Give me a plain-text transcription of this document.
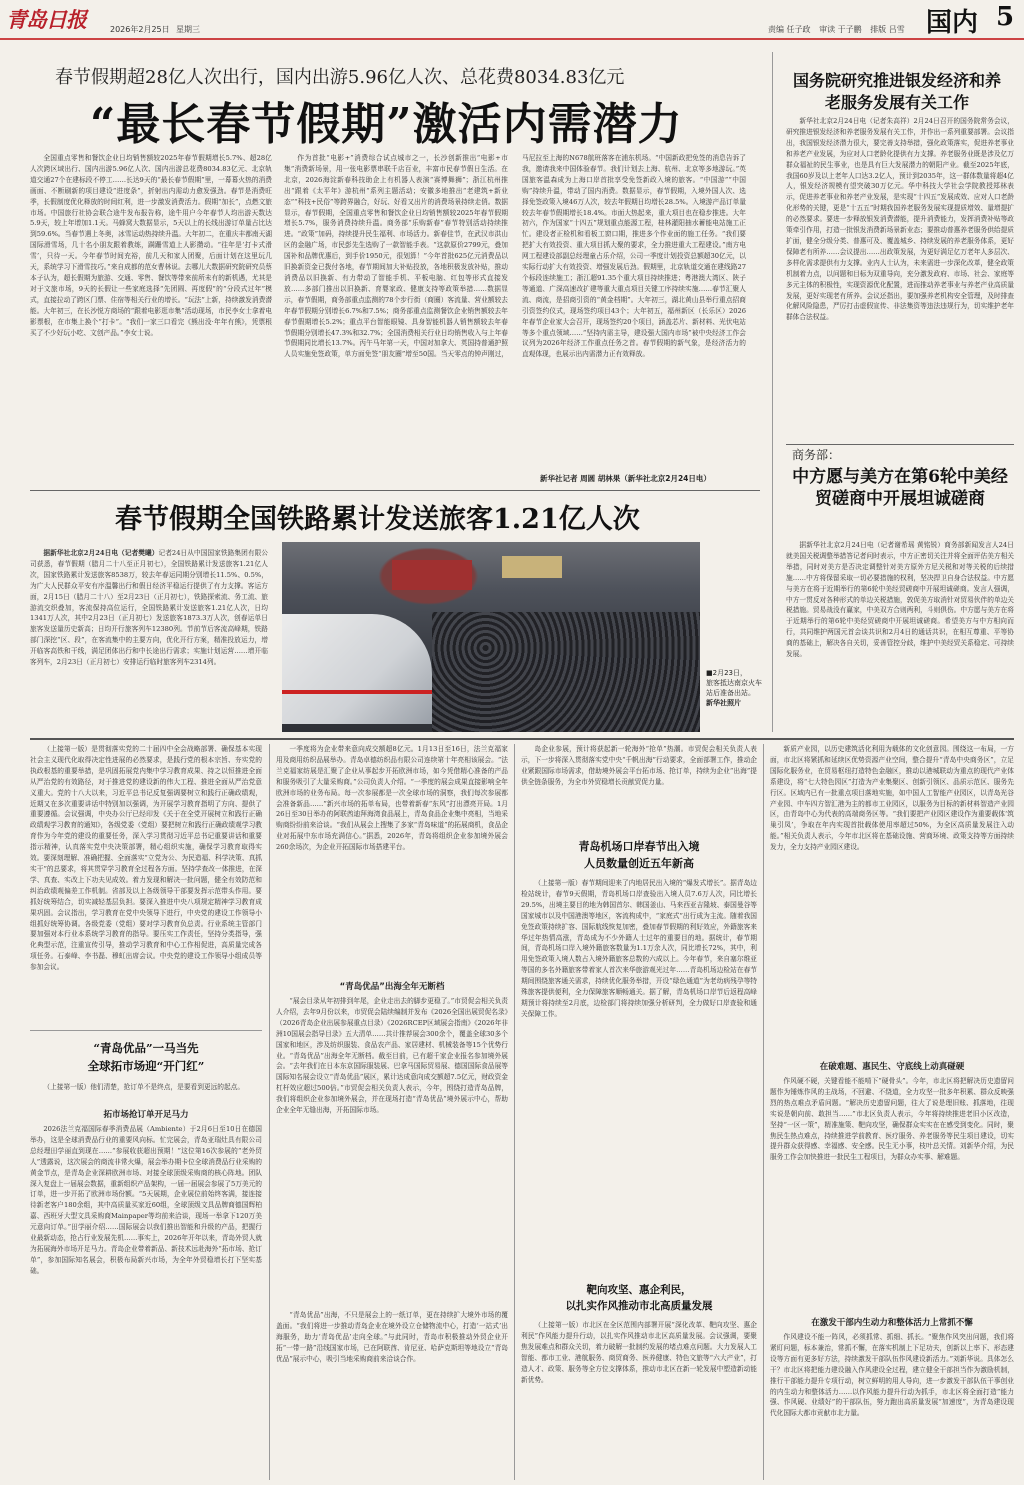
青岛日报	2026年2月25日 星期三	责编 任子政 审读 于子鹏 排版 吕雪 国内 5
春节假期超28亿人次出行，国内出游5.96亿人次、总花费8034.83亿元
“最长春节假期”激活内需潜力

全国重点零售和餐饮企业日均销售额较2025年春节假期增长5.7%、超28亿人次跨区域出行、国内出游5.96亿人次、国内出游总花费8034.83亿元、北京轨道交通27个在建标段不停工……长达9天的“最长春节假期”里，一幕幕火热的消费画面、不断刷新的项目建设“进度条”，折射出内需动力愈发强劲。春节是消费旺季，长假制度优化释放的时间红利，进一步激发消费活力。假期“加长”，点燃文旅市场。中国旅行社协会联合途牛发布报告称，途牛用户今年春节人均出游天数达5.9天，较上年增加1.1天。马蜂窝大数据显示，5天以上的长线出游订单量占比达到59.6%。当春节遇上冬奥，冰雪运动热持续升温。大年初二，在重庆丰都南天湖国际滑雪场，几十名小朋友跟着教练，蹒跚雪道上人影攒动。“往年是‘打卡式滑雪’，只待一天。今年春节时间充裕，前几天和家人团聚，后面计划在这里玩几天，系统学习下滑雪技巧。”来自成都的范女曹林说。去哪儿大数据研究院研究员蔡本子认为，超长假期为旅游、交通、零售、餐饮等带来前所未有的新机遇，尤其是对于文旅市场，9天的长假让一些家庭选择“先团圆、再度假”的“分段式过年”模式，直接拉动了跨区门票、住宿等相关行业的增长。“玩法”上新，持续激发消费潜能。大年初三，在长沙悦方商场的“跟着电影逛市集”活动现场，市民李女士拿着电影票根，在市集上换个“打卡”。“我们一家三口看完《熊出没·年年有熊》，凭票根买了不少好玩小吃、文创产品。”李女士说。

作为首批“电影+”消费综合试点城市之一，长沙创新推出“电影+市集”消费新场景，用一张电影票串联千店百业，丰富市民春节假日生活。在北京，2026海淀新春科技助企上有机器人表演“赛博舞狮”；浙江杭州推出“跟着《太平年》游杭州”系列主题活动；安徽多地推出“老建筑+新业态”“科技+民俗”等跨界融合，好玩、好看又出片的消费场景持续走俏。数据显示，春节假期，全国重点零售和餐饮企业日均销售额较2025年春节假期增长5.7%，服务消费持续升温。商务部“乐购新春”春节特别活动持续推进。“政策”加码，持续提升民生福利、市场活力。新春佳节，在武汉市洪山区的金融广场，市民彭先生选购了一款智能手表。“这款原价2799元，叠加国补和品牌优惠后，到手价1950元，很划算！”今年首批625亿元消费品以旧换新资金已拨付各地，春节期间加大补贴投放，各地积极发放补贴，推动消费品以旧换新、有力带动了智能手机、平板电脑、红包等形式直接发放……多部门推出以旧换新、育婴家政、健康支持等政策举措……数据显示，春节假期，商务部重点监测的78个步行街（商圈）客流量、营业额较去年春节假期分别增长6.7%和7.5%；商务部重点监测餐饮企业销售额较去年春节假期增长5.2%；重点平台智能眼镜、具身智能机器人销售额较去年春节假期分别增长47.3%和32.7%；全国消费相关行业日均销售收入与上年春节假期同比增长13.7%。丙午马年第一天，中国对加拿大、英国持普通护照人员实施免签政策，单方面免签“朋友圈”增至50国。当天零点的钟声刚过，马尼拉至上海的N678航班落客在浦东机场。“中国新政把免签的消息告诉了我，邀请我来中国体验春节。我们计划去上海、杭州、北京等多地游玩。”英国旅客温森成为上海口岸首批享受免签新政入境的旅客。“中国游”“中国购”持续升温，带动了国内消费。数据显示，春节假期，入境外国人次、选择免签政策入境46万人次，较去年假期日均增长28.5%。入境游产品订单量较去年春节假期增长18.4%。市面大热起来，重大项目也在稳步推进。大年初六，作为国家“十四五”规划重点能源工程，桂林灌阳抽水蓄能电站施工正忙。建设者正检机和看板工窗口期，推进多个作业面的施工任务。“我们要把扩大有效投资、重大项目抓大聚的要求，全力推进重大工程建设。”南方电网工程建设部副总经理童占乐介绍，公司一季度计划投资总额超30亿元，以实际行动扩大有效投资、增强发展后劲。假期里，北京轨道交通在建线路27个标段连续施工；浙江超91.35个重大项目持续推进；粤港澳大湾区、陕子等通道、广深高速改扩建等重大重点项目关键工序持续实施……春节汇聚人流、商流，是招商引资的“黄金档期”。大年初三，湖北黄山县举行重点招商引资签约仪式，现场签约项目43个；大年初五，福州新区（长乐区）2026年春节企业家大会召开，现场签约20个项目，涵盖芯片、新材料、光伏电站等多个重点领域……“坚持内需主导，建设强大国内市场”被中央经济工作会议列为2026年经济工作重点任务之首。春节假期的新气象，是经济活力的直观体现，也展示出内需潜力正有效释放。

新华社记者 周圆 胡林果（新华社北京2月24日电）
春节假期全国铁路累计发送旅客1.21亿人次

据新华社北京2月24日电（记者樊曦）记者24日从中国国家铁路集团有限公司获悉，春节假期（腊月二十八至正月初七），全国铁路累计发送旅客1.21亿人次，国家铁路累计发送旅客8538万，较去年春运同期分别增长11.5%、0.5%，为广大人民群众平安有序温馨出行和假日经济平稳运行提供了有力支撑。客运方面，2月15日（腊月二十八）至2月23日（正月初七），铁路探索流、务工流、旅游流交织叠加，客流保持高位运行，全国铁路累计发送旅客1.21亿人次，日均1341万人次，其中2月23日（正月初七）发送旅客1873.3万人次，创春运单日旅客发送量历史新高；日均开行旅客列车12380列。节前节后客流高峰期，铁路部门深挖“区、段”，在客流集中的主要方向，优化开行方案，精准投放运力，增开临客高铁和干线，满足团体出行和中长途出行需求；实施计划运营……增开临客列车，2月23日（正月初七）安排运行临时旅客列车2314列。

■2月23日，
旅客抵达南京火车站后准备出站。
新华社照片
国务院研究推进银发经济和养老服务发展有关工作

新华社北京2月24日电（记者朱高祥）2月24日召开的国务院常务会议，研究推进银发经济和养老服务发展有关工作，并作出一系列重要部署。会议指出，我国银发经济潜力很大，要完善支持举措，强化政策落实，促进养老事业和养老产业发展，为应对人口老龄化提供有力支撑。养老服务业既是涉及亿万群众福祉的民生事业，也是具有巨大发展潜力的朝阳产业。截至2025年底，我国60岁及以上老年人口达3.2亿人，预计到2035年，这一群体数量将超4亿人，银发经济规模有望突破30万亿元。华中科技大学社会学院教授郑林表示，促进养老事业和养老产业发展，是实现“十四五”发展成效、应对人口老龄化形势的关键，更是“十五五”时期我国养老服务发展实现提质增效、量增提扩的必然要求。要进一步释放银发消费潜能，提升消费能力，发挥消费补贴等政策牵引作用，打造一批银发消费新场景新业态；要推动普惠养老服务供给提质扩面，健全分级分类、普惠可及、覆盖城乡、持续发展的养老服务体系，更好保障老有所养……会议提出……出政策发展，为更好满足亿万老年人多层次、多样化需求提供有力支撑。业内人士认为，未来需进一步深化改革，健全政策机制着力点，以问题和目标为双重导向，充分激发政府、市场、社会、家庭等多元主体的积极性，实现资源优化配置，进而推动养老事业与养老产业高质量发展，更好实现老有所养。会议还指出，要加强养老机构安全管理，及时排查化解风险隐患，严厉打击虚假宣传、非法集资等违法违规行为，切实维护老年群体合法权益。

商务部：
中方愿与美方在第6轮中美经贸磋商中开展坦诚磋商

据新华社北京2月24日电（记者谢希瑶 黄铭锐）商务部新闻发言人24日就美国关税调整举措答记者问时表示，中方正密切关注并将全面评估美方相关举措，同时对美方是否决定调整针对美方原外方尼关税和对等关税的后续措施……中方将保留采取一切必要措施的权利，坚决捍卫自身合法权益。中方愿与美方在将于近期举行的第6轮中美经贸磋商中开展坦诚磋商。发言人强调，中方一贯反对各种形式的单边关税措施，敦促美方取消针对贸易伙伴的单边关税措施。贸易战没有赢家，中美双方合则两利，斗则俱伤。中方愿与美方在将于近期举行的第6轮中美经贸磋商中开展坦诚磋商。希望美方与中方相向而行，共同维护两国元首会谈共识和2月4日的通话共识，在相互尊重、平等协商的基础上，解决各自关切，妥善管控分歧，维护中美经贸关系稳定、可持续发展。

（上接第一版）是贯彻落实党的二十届四中全会战略部署、确保基本实现社会主义现代化取得决定性进展的必然要求，是践行党的根本宗旨、夯实党的执政根基的重要举措，是巩固拓展党内集中学习教育成果、持之以恒推进全面从严治党的有效路径，对于推进党的建设新的伟大工程、推进全面从严治党意义重大。党的十八大以来，习近平总书记反复强调要树立和践行正确政绩观，近期又在多次重要讲话中特别加以强调，为开展学习教育指明了方向、提供了重要遵循。会议强调，中央办公厅已经印发《关于在全党开展树立和践行正确政绩观学习教育的通知》，各级党委（党组）要把树立和践行正确政绩观学习教育作为今年党的建设的重要任务，深入学习贯彻习近平总书记重要讲话和重要指示精神，认真落实党中央决策部署，精心组织实施，确保学习教育取得实效。要深刻理解、准确把握、全面落实“立党为公、为民造福、科学决策、真抓实干”的总要求，将其贯穿学习教育全过程各方面。坚持学查改一体推进，在深学、真查、实改上下功夫见成效。着力发现和解决一批问题，健全有效防范和纠治政绩观偏差工作机制。省部及以上各级领导干部要发挥示范带头作用。要抓好统筹结合，切实减轻基层负担。要深入推进中央八项规定精神学习教育成果巩固。会议指出，学习教育在党中央领导下进行，中央党的建设工作领导小组抓好统筹协调。各级党委（党组）要对学习教育负总责。行业系统主管部门要加强对本行业本系统学习教育的指导。要压实工作责任，坚持分类指导，强化典型示范，注重宣传引导，推动学习教育和中心工作相促进，高质量完成各项任务。石泰峰、李书磊、穆虹出席会议。中央党的建设工作领导小组成员等参加会议。

“青岛优品”一马当先
全球拓市场迎“开门红”

（上接第一版）他们清楚，抢订单不是终点，是要看到更远的起点。

拓市场抢订单开足马力

2026法兰克福国际春季消费品展（Ambiente）于2月6日至10日在德国举办，这是全球消费品行业的重要风向标。忙完展会，青岛亚瑞灶具有限公司总经理田学丽直到现在……“参展收获超出预期！”这位第16次参展的“老外贸人”透露说，这次展会的商流非常火爆，展会举办期卡位全球消费品行业采购的黄金节点，是青岛企业深耕欧洲市场、对接全球顶级采购商的核心阵地。团队深入复盘上一届展会数据，重新组织产品架构，一届一届展会参展了5万美元的订单，进一步开拓了欧洲市场份额。“5天展期，企业展位前始终客满，接连接待新老客户180余组，其中高质量买家近60组，全球顶级文具品牌商德国辉柏嘉、西班牙大型文具采购商Mainpaper等均前来洽谈，现场一举拿下120万美元意向订单。”田学丽介绍……国际展会以我们推出智能和升级的产品，把握行业最新动态，抢占行业发展先机……事实上，2026年开年以来，青岛外贸人就为拓展海外市场开足马力。青岛企业带着新品、新技术远赴海外“拓市场、抢订单”，参加国际知名展会，积极布局新兴市场，为全年外贸稳增长打下坚实基础。

一季度将为企业带来意向成交额超8亿元。1月13日至16日，法兰克福家用及商用纺织品展举办。青岛卓德纺织品有限公司连续第十年亮相该展会。“法兰克福家纺展是汇聚了企业从事起步开拓欧洲市场，如今凭借精心准备的产品和服务吸引了大量采购商。”公司负责人介绍。“一季度的展会成果直接影响全年欧洲市场的业务布局。每一次参展都是一次全球市场的洞察，我们每次参展都会准备新品……”新兴市场的拓单布局，也带着新春“东风”打出漂亮开局。1月26日至30日举办的阿联酋迪拜海湾食品展上，青岛食品企业集中亮相，当地采购商纷纷前来洽谈。“我们从展会上搜集了多家“青岛味道”的拓展商机，食品企业对拓展中东市场充满信心。”据悉，2026年，青岛将组织企业参加境外展会260余场次，为企业开拓国际市场搭建平台。

“青岛优品”出海全年无断档

“展会目录从年初排到年尾，企业走出去的脚步更稳了。”市贸促会相关负责人介绍，去年9月份以来，市贸促会陆续编制并发布《2026全国出展贸促名录》（2026青岛企业出展参展重点目录）《2026RCEP区域展会指南》《2026年非洲10国展会指导目录》五大清单……共计推荐展会300余个，覆盖全球30多个国家和地区，涉及纺织服装、食品农产品、家居建材、机械装备等15个优势行业。“青岛优品”出海全年无断档。截至目前，已有超千家企业报名参加境外展会。“去年我们在日本东京国际服装展、巴拿马国际贸易展、德国国际食品展等国际知名展会设立“青岛优品”展区，累计达成意向成交额超7.5亿元，财政资金杠杆效应超过500倍。”市贸促会相关负责人表示，今年，围绕打造青岛品牌，我们将组织企业参加境外展会，并在现场打造“青岛优品”境外展示中心，帮助企业全年无缝出海，开拓国际市场。

“青岛优品”出海，不只是展会上的一纸订单，更在持续扩大境外市场的覆盖面。“我们将进一步推动青岛企业在境外设立仓储物流中心，打造‘一站式’出海服务，助力‘青岛优品’走向全球。”与此同时，青岛市积极推动外贸企业开拓“一带一路”沿线国家市场，已在阿联酋、肯尼亚、哈萨克斯坦等地设立“青岛优品”展示中心，吸引当地采购商前来洽谈合作。

岛企业参展，预计将获起新一轮海外“抢单”热潮。市贸促会相关负责人表示，下一步将深入贯彻落实党中央“千帆出海”行动要求，全面部署工作，推动企业紧跟国际市场需求，借助境外展会平台拓市场、抢订单，持续为企业“出海”提供全链条服务，为全市外贸稳增长贡献贸促力量。

青岛机场口岸春节出入境
人员数量创近五年新高

（上接第一版）春节期间迎来了内地居民出入境的“爆发式增长”。据青岛边检站统计，春节9天假期，青岛机场口岸查验出入境人员7.6万人次，同比增长29.5%，出境主要目的地为韩国首尔、韩国釜山、马来西亚吉隆坡、泰国曼谷等国家城市以及中国港澳等地区，客流构成中，“家庭式”出行成为主流。随着我国免签政策持续扩容、国际航线恢复加密，叠加春节假期的利好效应，外籍旅客来华过年热情高涨，青岛成为不少外籍人士过年的重要目的地。据统计，春节期间，青岛机场口岸入境外籍旅客数量为1.1万余人次，同比增长72%，其中，利用免签政策入境人数占入境外籍旅客总数的六成以上。今年春节，来自塞尔维亚等国的多名外籍旅客带着家人首次来华旅游观光过年……青岛机场边检站在春节期间围绕旅客通关需求，持续优化服务举措，开设“绿色通道”为老幼病残孕等特殊旅客提供便利，全力保障旅客顺畅通关。据了解，青岛机场口岸节后返程高峰期预计将持续至2月底，边检部门将持续加强分析研判，全力做好口岸查验和通关保障工作。

靶向攻坚、惠企利民，
以扎实作风推动市北高质量发展

（上接第一版）市北区在全区范围内部署开展“深化改革、靶向攻坚、惠企利民”作风能力提升行动，以扎实作风推动市北区高质量发展。会议强调，要聚焦发展难点和群众关切，着力破解一批制约发展的堵点难点问题。大力发展人工智能、都市工业、港航服务、商贸商务、医养健康、特色文旅等“六大产业”，打造人才、政策、服务等全方位支撑体系，推动市北区在新一轮发展中塑造新动能新优势。

新质产业园，以历史建筑活化利用为载体的文化创意园。围绕这一布局，一方面，市北区将紧抓和延续区优势资源产业空间，整合提升“青岛中央商务区”，立足国际化服务业，在贸易枢纽打造特色金融区，推动以港城联动为重点的现代产业体系建设，将“七大特色园区”打造为产业集聚区、创新引领区、品质示范区、服务先行区。区域内已有一批重点项目落地实施，如中国人工智能产业园区，以青岛光谷产业园、中车四方智汇港为主的都市工业园区，以服务为目标的新材料智造产业园区，由青岛中心为代表的高端商务区等。“我们要把产业园区建设作为重要载体‘筑巢引凤’，争取在年内实现首批载体使用率超过50%，为全区高质量发展注入动能。”相关负责人表示，今年市北区将在基础设施、营商环境、政策支持等方面持续发力，全力支持产业园区建设。

在破难题、惠民生、守底线上动真碰硬

作风硬不硬，关键看能不能啃下“硬骨头”。今年，市北区将把解决历史遗留问题作为锤炼作风的主战场，不回避、不绕道，全力攻坚一批多年积累、群众反映强烈的热点难点矛盾问题。“解决历史遗留问题，往大了说是理旧账、抓落地，往现实说是朝向前、敢担当……”市北区负责人表示，今年将持续推进老旧小区改造，坚持“一区一策”，精准施策、靶向攻坚，确保群众实实在在感受到变化。同时，聚焦民生热点难点，持续推进学前教育、医疗服务、养老服务等民生项目建设，切实提升群众获得感、幸福感、安全感。民生无小事，枝叶总关情。刘新华介绍，为民服务工作会加快推进一批民生工程项目，为群众办实事、解难题。

在激发干部内生动力和整体活力上常抓不懈

作风建设不能一阵风，必须抓常、抓细、抓长。“聚焦作风突出问题，我们将紧盯问题，标本兼治，常抓不懈，在落实机制上下足功夫，创新以上率下、形态建设等方面有更多好方法，持续激发干部队伍作风建设新活力。”刘新华说。具体怎么干？市北区将把能力建设融入作风建设全过程，建立健全干部担当作为激励机制，推行干部能力提升专项行动，树立鲜明的用人导向，进一步激发干部队伍干事创业的内生动力和整体活力……以作风能力提升行动为抓手，市北区将全面打造“能力强、作风硬、业绩好”的干部队伍，努力跑出高质量发展“加速度”，为青岛建设现代化国际大都市贡献市北力量。
